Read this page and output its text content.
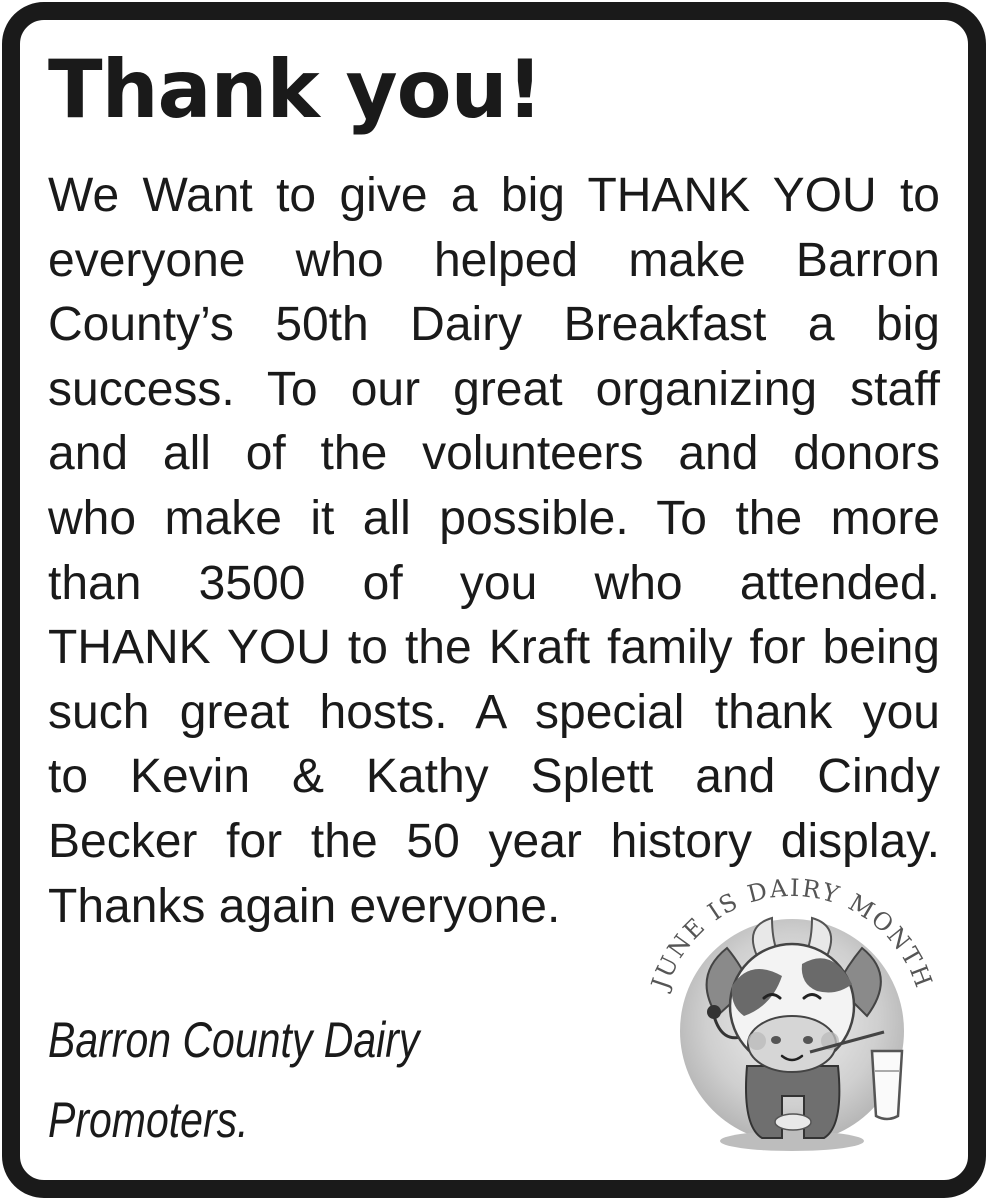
Thank you!
We Want to give a big THANK YOU to
everyone who helped make Barron
County’s 50th Dairy Breakfast a big
success. To our great organizing staff
and all of the volunteers and donors
who make it all possible. To the more
than 3500 of you who attended.
THANK YOU to the Kraft family for being
such great hosts. A special thank you
to Kevin & Kathy Splett and Cindy
Becker for the 50 year history display.
Thanks again everyone.
Barron County Dairy
Promoters.
JUNE IS DAIRY MONTH
